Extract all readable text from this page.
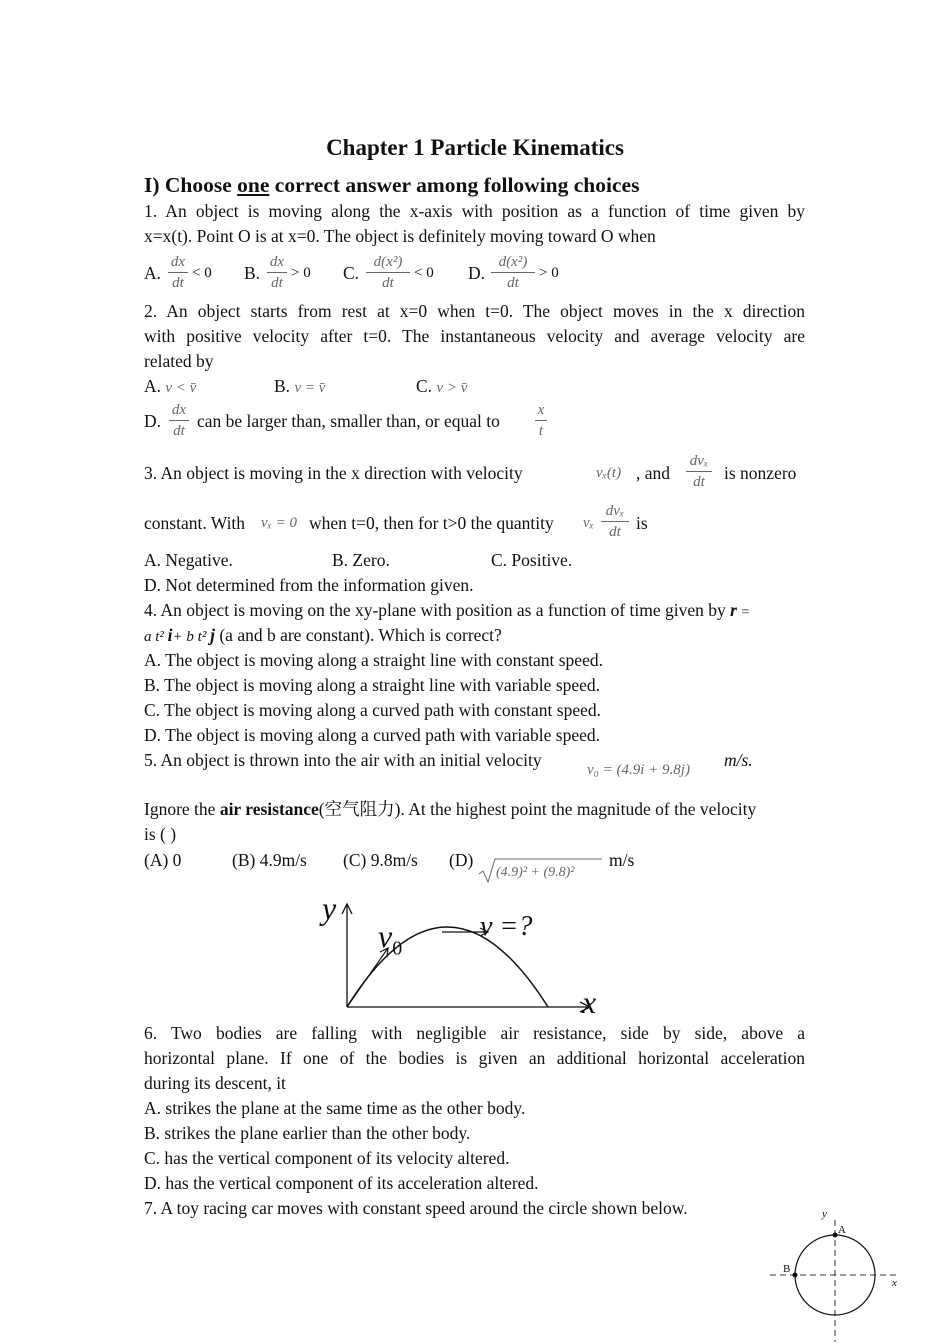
Chapter 1 Particle Kinematics
I) Choose one correct answer among following choices
1. An object is moving along the x-axis with position as a function of time given by
x=x(t). Point O is at x=0. The object is definitely moving toward O when
A.
dx
dt
< 0 B.
dx
dt
> 0 C.
d(x²)
dt
< 0 D.
d(x²)
dt
> 0
2. An object starts from rest at x=0 when t=0. The object moves in the x direction
with positive velocity after t=0. The instantaneous velocity and average velocity are
related by
A. v < v̄	B. v = v̄	C. v > v̄
D.
dx
dt can be larger than, smaller than, or equal to
x
t
3. An object is moving in the x direction with velocity	vₓ(t) , and
dvₓ
dt	is nonzero
constant. With vₓ = 0 when t=0, then for t>0 the quantity vₓ
dvₓ
dt is
A. Negative.	B. Zero.	C. Positive.
D. Not determined from the information given.
4. An object is moving on the xy-plane with position as a function of time given by r =
a t² i+ b t² j (a and b are constant). Which is correct?
A. The object is moving along a straight line with constant speed.
B. The object is moving along a straight line with variable speed.
C. The object is moving along a curved path with constant speed.
D. The object is moving along a curved path with variable speed.
5. An object is thrown into the air with an initial velocity	v₀ = (4.9i + 9.8j) m/s.
Ignore the air resistance(空气阻力). At the highest point the magnitude of the velocity
is ( )
(A) 0	(B) 4.9m/s (C) 9.8m/s (D)
(4.9)² + (9.8)²
m/s
y
x
$v_0$
v =?
6. Two bodies are falling with negligible air resistance, side by side, above a
horizontal plane. If one of the bodies is given an additional horizontal acceleration
during its descent, it
A. strikes the plane at the same time as the other body.
B. strikes the plane earlier than the other body.
C. has the vertical component of its velocity altered.
D. has the vertical component of its acceleration altered.
7. A toy racing car moves with constant speed around the circle shown below.	y
x
A
B
